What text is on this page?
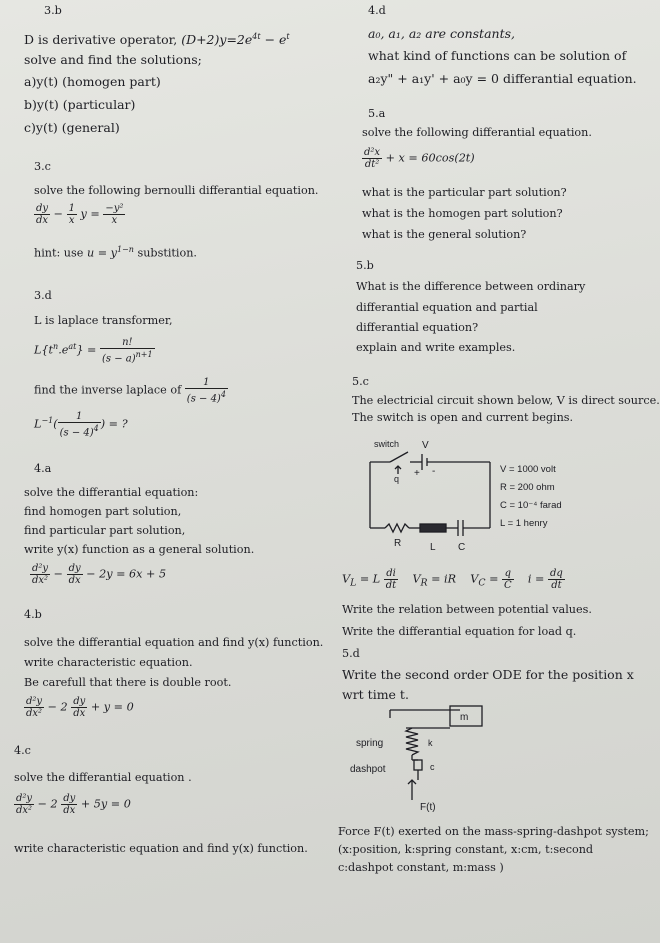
3.b
D is derivative operator, $(D+2)y=2e^{4t} - e^t$
solve and find the solutions;
a)y(t) (homogen part)
b)y(t) (particular)
c)y(t) (general)
3.c
solve the following bernoulli differantial equation.
$\frac{dy}{dx} - \frac{1}{x}$ $y = \frac{\text{−y²}}{x}$
hint: use $u = y^{1-n}$ substition.
3.d
L is laplace transformer,
$L\{t^n.e^{at}\} = \frac{n!}{(s - a)^{n+1}}$
find the inverse laplace of $\frac{1}{(s - 4)^4}$
$L^{-1}( \frac{1}{(s - 4)^4}$ ) = ?
4.a
solve the differantial equation:
find homogen part solution,
find particular part solution,
write y(x) function as a general solution.
$\frac{\text{d²y}}{\text{dx²}} - \frac{dy}{dx} - 2y = 6x + 5$
4.b
solve the differantial equation and find y(x) function.
write characteristic equation.
Be carefull that there is double root.
$\frac{\text{d²y}}{\text{dx²}} - 2 \frac{dy}{dx} + y = 0$
4.c
solve the differantial equation .
$\frac{\text{d²y}}{\text{dx²}} - 2 \frac{dy}{dx} + 5y = 0$
write characteristic equation and find y(x) function.
4.d
a₀, a₁, a₂ are constants,
what kind of functions can be solution of
a₂y" + a₁y' + a₀y = 0 differantial equation.
5.a
solve the following differantial equation.
$\frac{\text{d²x}}{\text{dt²}} + x = 60\cos(2t)$
what is the particular part solution?
what is the homogen part solution?
what is the general solution?
5.b
What is the difference between ordinary
differantial equation and partial
differantial equation?
explain and write examples.
5.c
The electricial circuit shown below, V is direct source.
The switch is open and current begins.
switch V
q + -
R	L C
V = 1000 volt
R = 200 ohm
C = 10⁻⁴ farad
L = 1 henry
$V_L = L \frac{di}{dt} V_R$ = iR $V_C = \frac{q}{C}$ $i = \frac{dq}{dt}$
Write the relation between potential values.
Write the differantial equation for load q.
5.d
Write the second order ODE for the position x
wrt time t.
m
k
c
spring
dashpot
F(t)
Force F(t) exerted on the mass-spring-dashpot system;
(x:position, k:spring constant, x:cm, t:second
c:dashpot constant, m:mass )
